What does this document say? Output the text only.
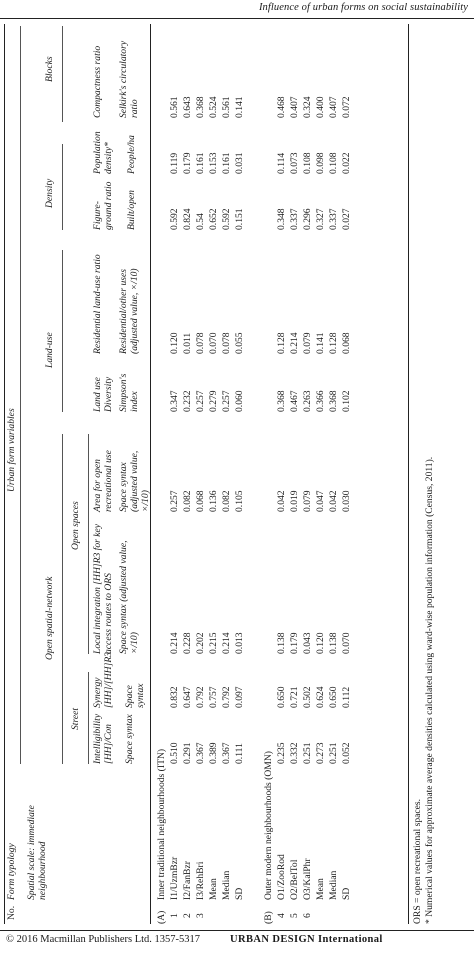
Influence of urban forms on social sustainability
No.
Form typology
Urban form variables
Spatial scale: immediate neighbourhood
Open spatial-network
Land-use
Density
Blocks
Street
Open spaces
Intelligibility [HH]/Con Space syntax
Synergy [HH]/[HH]R3 Space syntax
Local integration [HH]R3 for key access routes to ORS Space syntax (adjusted value, ×/10)
Area for open recreational use Space syntax (adjusted value, ×/10)
Land use Diversity Simpson's index
Residential land-use ratio Residential/other uses (adjusted value, ×/10)
Figure-ground ratio Built/open
Population density* People/ha
Compactness ratio Selkirk's circulatory ratio
(A)
Inner traditional neighbourhoods (ITN)
1
I1/UzmBzr
0.510
0.832
0.214
0.257
0.347
0.120
0.592
0.119
0.561
2
I2/FanBzr
0.291
0.647
0.228
0.082
0.232
0.011
0.824
0.179
0.643
3
I3/RehBri
0.367
0.792
0.202
0.068
0.257
0.078
0.54
0.161
0.368
Mean
0.389
0.757
0.215
0.136
0.279
0.070
0.652
0.153
0.524
Median
0.367
0.792
0.214
0.082
0.257
0.078
0.592
0.161
0.561
SD
0.111
0.097
0.013
0.105
0.060
0.055
0.151
0.031
0.141
(B)
Outer modern neighbourhoods (OMN)
4
O1/ZooRod
0.235
0.650
0.138
0.042
0.368
0.128
0.348
0.114
0.468
5
O2/BelTol
0.332
0.721
0.179
0.019
0.467
0.214
0.337
0.073
0.407
6
O3/KalPhr
0.251
0.502
0.043
0.079
0.263
0.079
0.296
0.108
0.324
Mean
0.273
0.624
0.120
0.047
0.366
0.141
0.327
0.098
0.400
Median
0.251
0.650
0.138
0.042
0.368
0.128
0.337
0.108
0.407
SD
0.052
0.112
0.070
0.030
0.102
0.068
0.027
0.022
0.072
ORS = open recreational spaces. * Numerical values for approximate average densities calculated using ward-wise population information (Census, 2011).
© 2016 Macmillan Publishers Ltd. 1357-5317	URBAN DESIGN International
